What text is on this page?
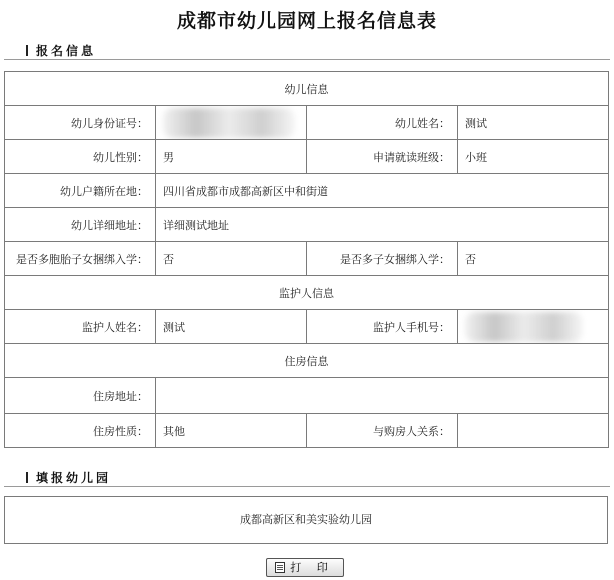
成都市幼儿园网上报名信息表
报名信息
幼儿信息			
幼儿身份证号：		幼儿姓名：	测试
幼儿性别：	男	申请就读班级：	小班
幼儿户籍所在地：	四川省成都市成都高新区中和街道		
幼儿详细地址：	详细测试地址		
是否多胞胎子女捆绑入学：	否	是否多子女捆绑入学：	否
监护人信息			
监护人姓名：	测试	监护人手机号：	
住房信息			
住房地址：			
住房性质：	其他	与购房人关系：	
填报幼儿园
成都高新区和美实验幼儿园
打 印
